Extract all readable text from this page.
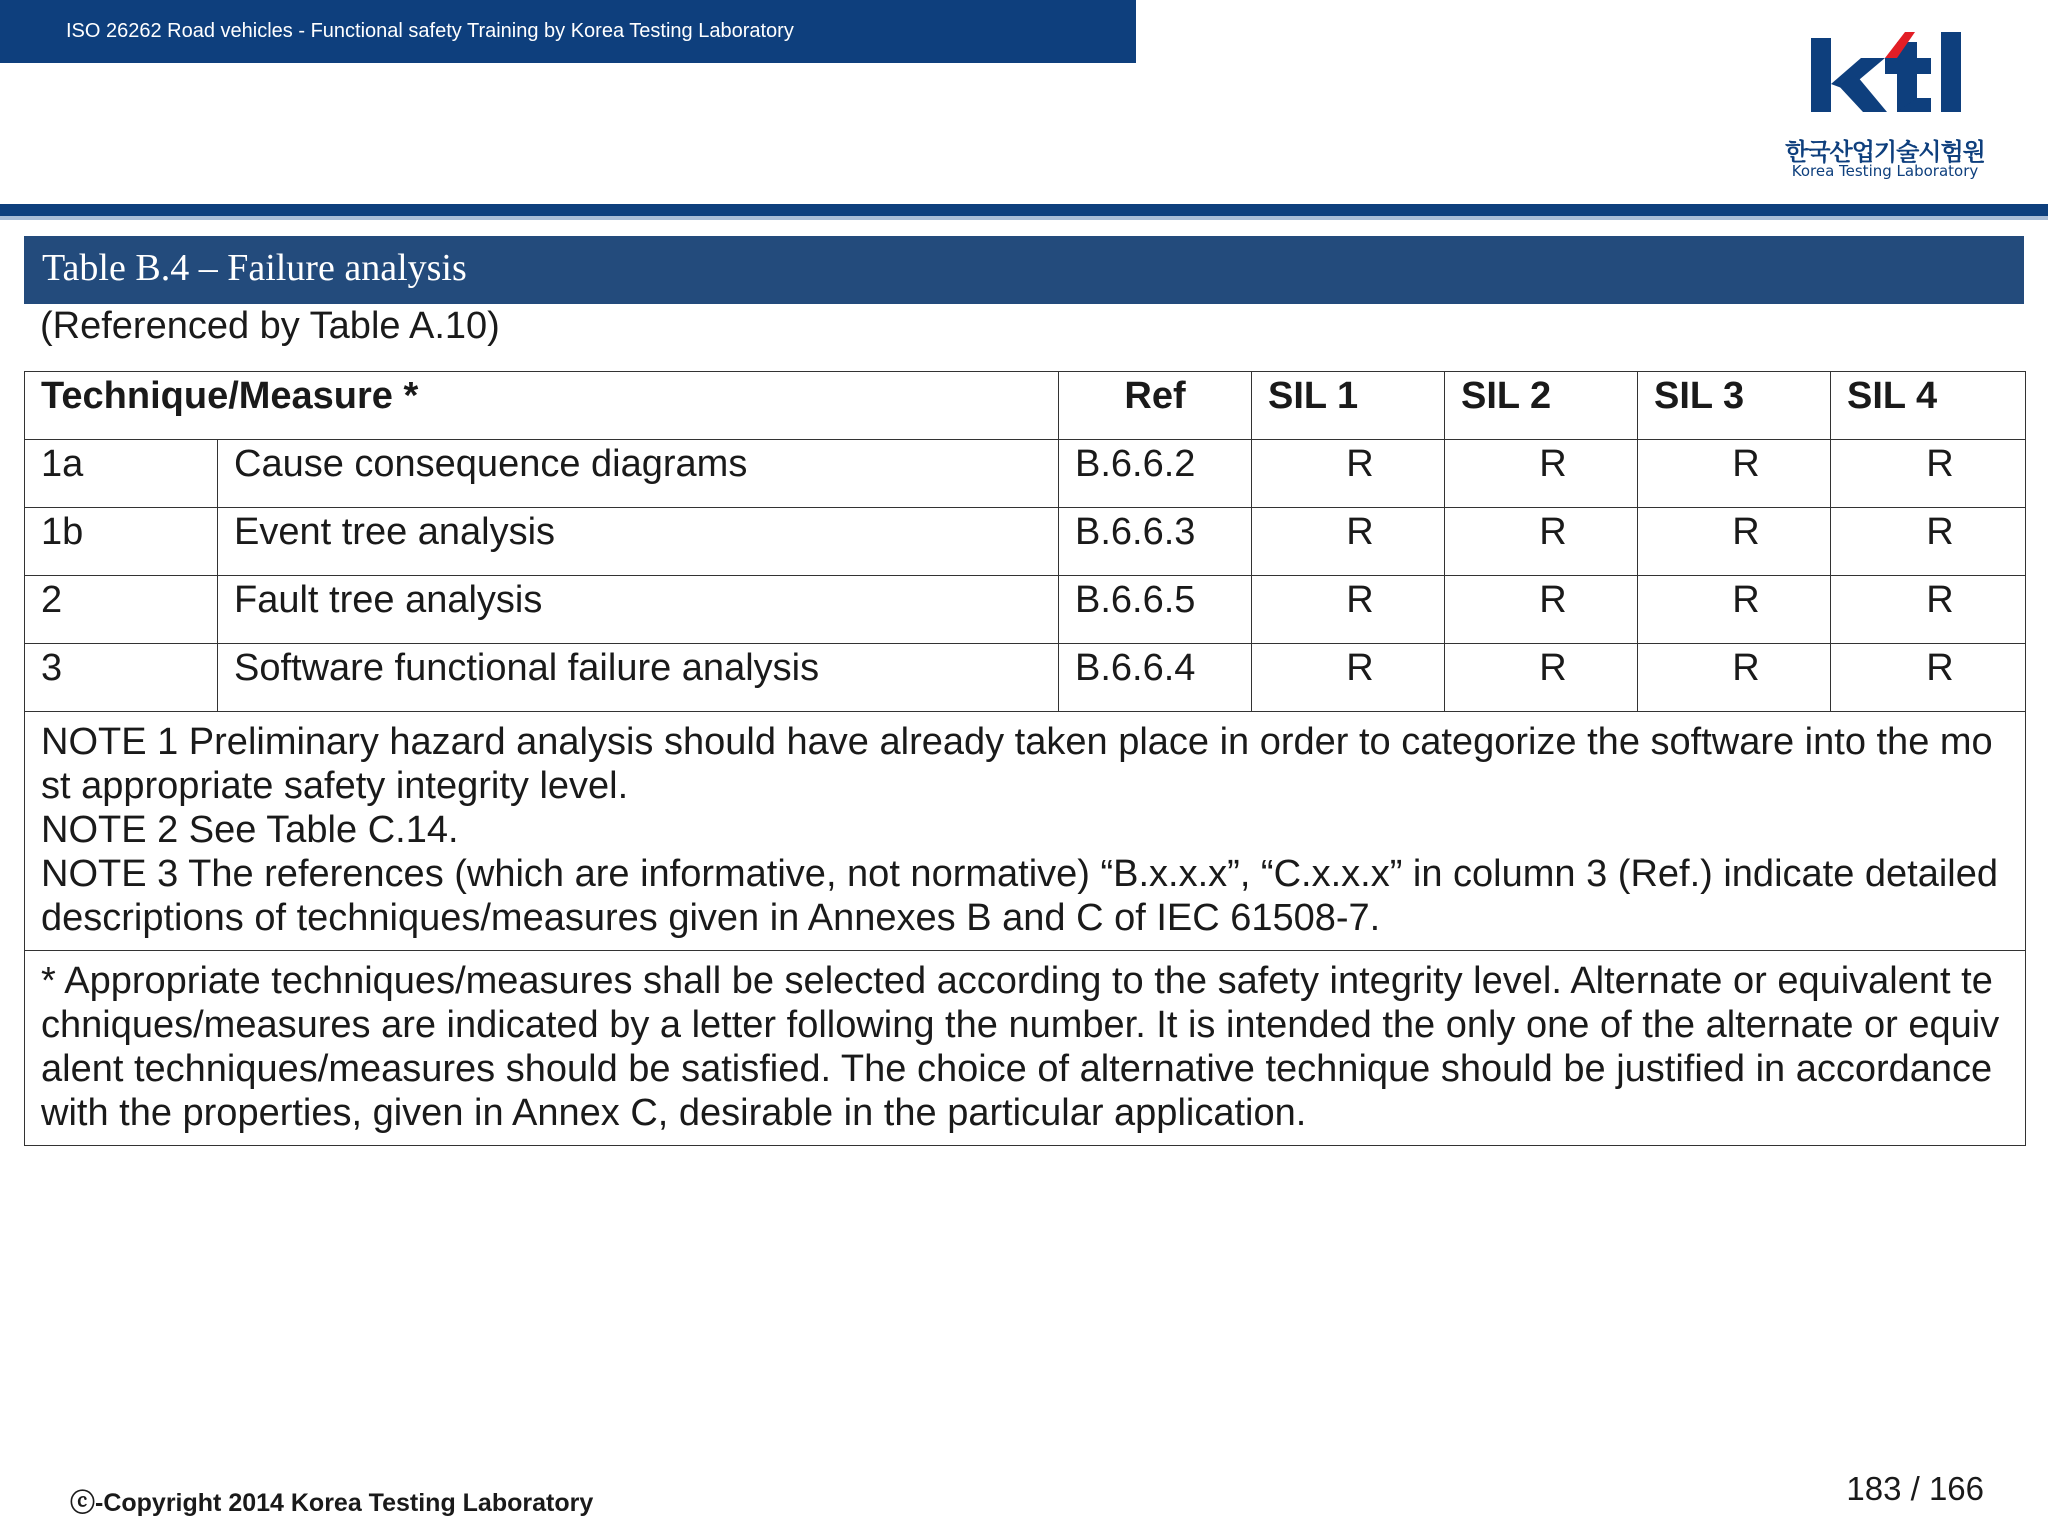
ISO 26262 Road vehicles - Functional safety Training by Korea Testing Laboratory
한국산업기술시험원
Korea Testing Laboratory
Table B.4 – Failure analysis
(Referenced by Table A.10)
Technique/Measure *		Ref	SIL 1	SIL 2	SIL 3	SIL 4
1a	Cause consequence diagrams	B.6.6.2	R	R	R	R
1b	Event tree analysis	B.6.6.3	R	R	R	R
2	Fault tree analysis	B.6.6.5	R	R	R	R
3	Software functional failure analysis	B.6.6.4	R	R	R	R

NOTE 1 Preliminary hazard analysis should have already taken place in order to categorize the software into the most appropriate safety integrity level.
NOTE 2 See Table C.14.
NOTE 3 The references (which are informative, not normative) “B.x.x.x”, “C.x.x.x” in column 3 (Ref.) indicate detailed descriptions of techniques/measures given in Annexes B and C of IEC 61508-7.						

* Appropriate techniques/measures shall be selected according to the safety integrity level. Alternate or equivalent techniques/measures are indicated by a letter following the number. It is intended the only one of the alternate or equivalent techniques/measures should be satisfied. The choice of alternative technique should be justified in accordance with the properties, given in Annex C, desirable in the particular application.						
ⓒ-Copyright 2014 Korea Testing Laboratory	183 / 166
